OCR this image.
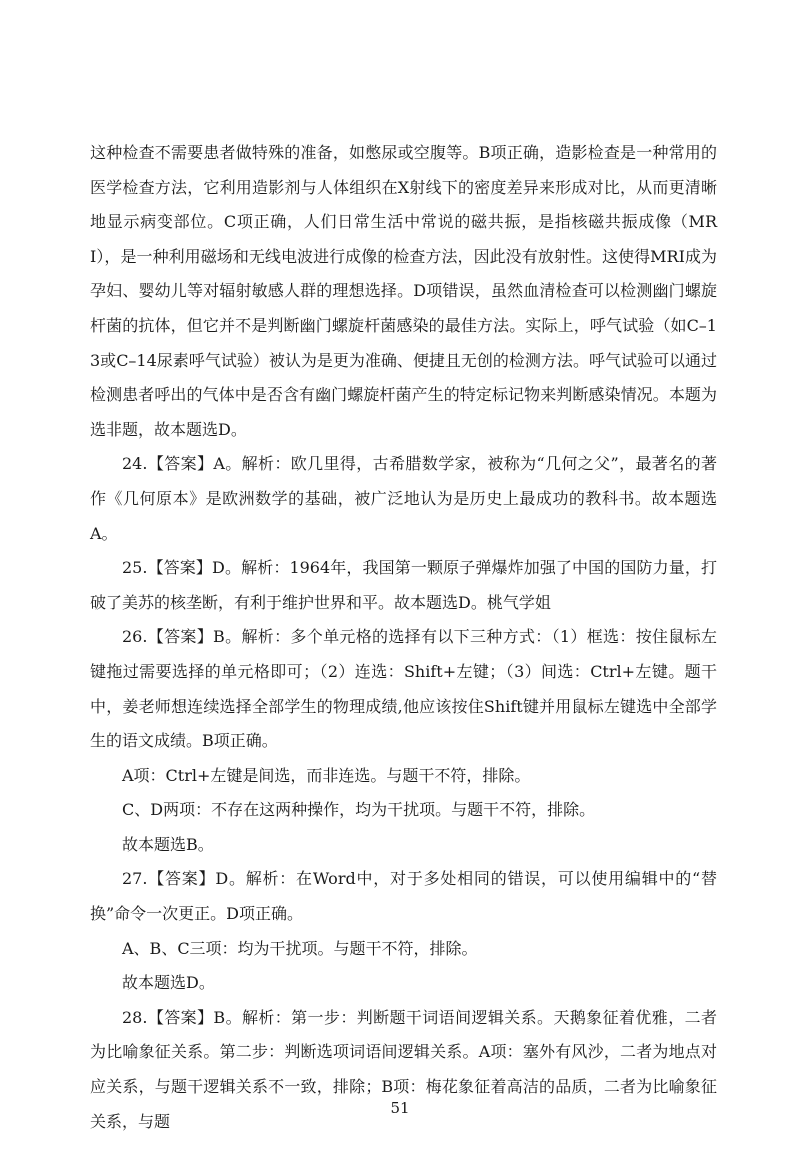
这种检查不需要患者做特殊的准备，如憋尿或空腹等。B项正确，造影检查是一种常用的医学检查方法，它利用造影剂与人体组织在X射线下的密度差异来形成对比，从而更清晰地显示病变部位。C项正确，人们日常生活中常说的磁共振，是指核磁共振成像（MRI），是一种利用磁场和无线电波进行成像的检查方法，因此没有放射性。这使得MRI成为孕妇、婴幼儿等对辐射敏感人群的理想选择。D项错误，虽然血清检查可以检测幽门螺旋杆菌的抗体，但它并不是判断幽门螺旋杆菌感染的最佳方法。实际上，呼气试验（如C–13或C–14尿素呼气试验）被认为是更为准确、便捷且无创的检测方法。呼气试验可以通过检测患者呼出的气体中是否含有幽门螺旋杆菌产生的特定标记物来判断感染情况。本题为选非题，故本题选D。

24.【答案】A。解析：欧几里得，古希腊数学家，被称为“几何之父”，最著名的著作《几何原本》是欧洲数学的基础，被广泛地认为是历史上最成功的教科书。故本题选A。

25.【答案】D。解析：1964年，我国第一颗原子弹爆炸加强了中国的国防力量，打破了美苏的核垄断，有利于维护世界和平。故本题选D。桃气学姐

26.【答案】B。解析：多个单元格的选择有以下三种方式：（1）框选：按住鼠标左键拖过需要选择的单元格即可；（2）连选：Shift+左键；（3）间选：Ctrl+左键。题干中，姜老师想连续选择全部学生的物理成绩,他应该按住Shift键并用鼠标左键选中全部学生的语文成绩。B项正确。

A项：Ctrl+左键是间选，而非连选。与题干不符，排除。

C、D两项：不存在这两种操作，均为干扰项。与题干不符，排除。

故本题选B。

27.【答案】D。解析：在Word中，对于多处相同的错误，可以使用编辑中的“替换”命令一次更正。D项正确。

A、B、C三项：均为干扰项。与题干不符，排除。

故本题选D。

28.【答案】B。解析：第一步：判断题干词语间逻辑关系。天鹅象征着优雅，二者为比喻象征关系。第二步：判断选项词语间逻辑关系。A项：塞外有风沙，二者为地点对应关系，与题干逻辑关系不一致，排除；B项：梅花象征着高洁的品质，二者为比喻象征关系，与题

51
